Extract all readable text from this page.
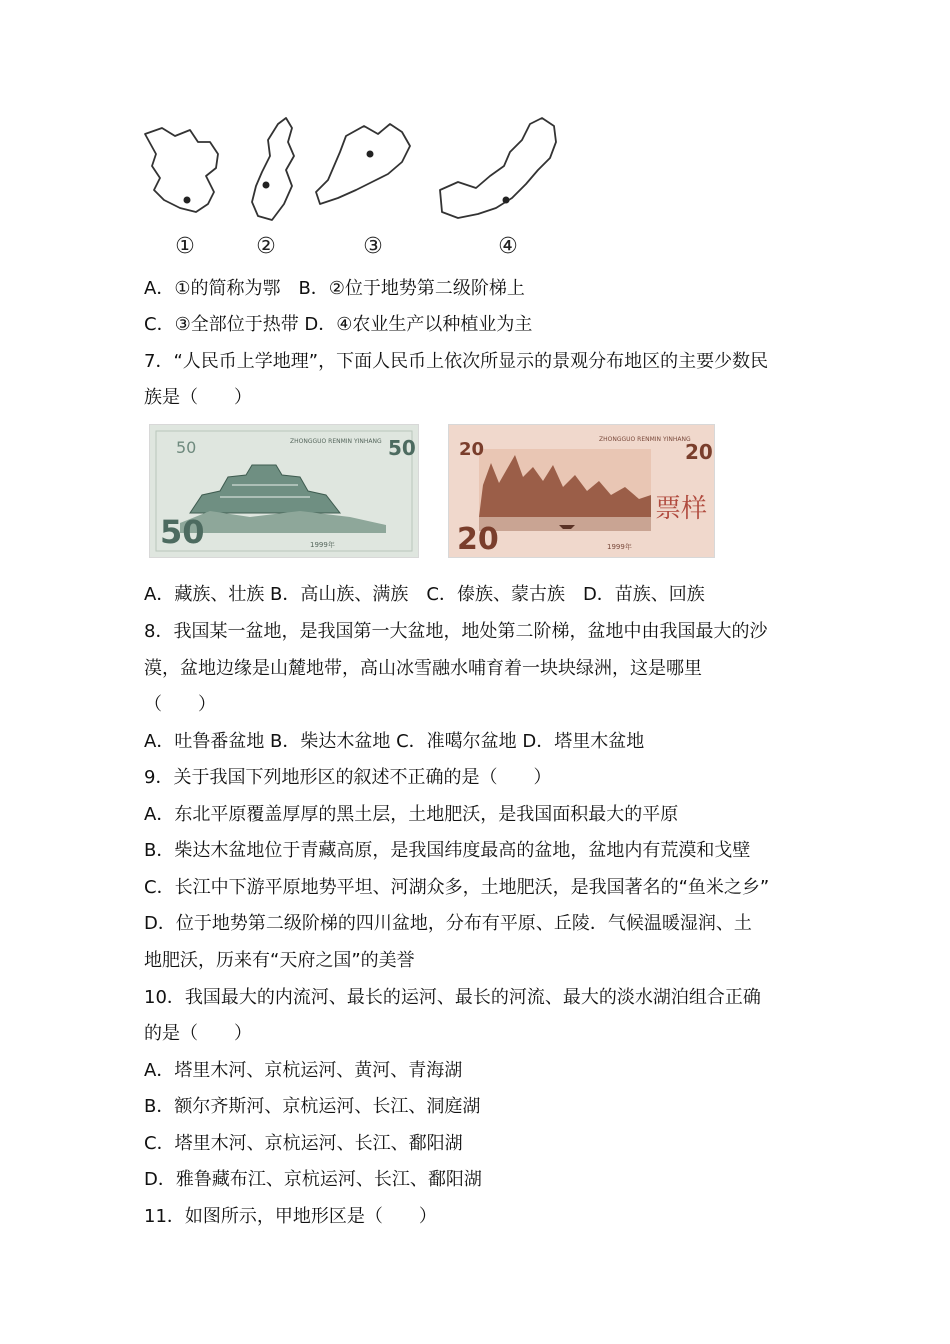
①	②	③	④
A．①的简称为鄂　B．②位于地势第二级阶梯上
C．③全部位于热带 D．④农业生产以种植业为主
7．“人民币上学地理”，下面人民币上依次所显示的景观分布地区的主要少数民
族是（　　）
ZHONGGUO RENMIN YINHANG
50
50
50
1999年
ZHONGGUO RENMIN YINHANG
20
20
20
票样
1999年
A．藏族、壮族 B．高山族、满族　C．傣族、蒙古族　D．苗族、回族
8．我国某一盆地，是我国第一大盆地，地处第二阶梯，盆地中由我国最大的沙
漠，盆地边缘是山麓地带，高山冰雪融水哺育着一块块绿洲，这是哪里
（　　）
A．吐鲁番盆地 B．柴达木盆地 C．准噶尔盆地 D．塔里木盆地
9．关于我国下列地形区的叙述不正确的是（　　）
A．东北平原覆盖厚厚的黑土层，土地肥沃，是我国面积最大的平原
B．柴达木盆地位于青藏高原，是我国纬度最高的盆地，盆地内有荒漠和戈壁
C．长江中下游平原地势平坦、河湖众多，土地肥沃，是我国著名的“鱼米之乡”
D．位于地势第二级阶梯的四川盆地，分布有平原、丘陵．气候温暖湿润、土
地肥沃，历来有“天府之国”的美誉
10．我国最大的内流河、最长的运河、最长的河流、最大的淡水湖泊组合正确
的是（　　）
A．塔里木河、京杭运河、黄河、青海湖
B．额尔齐斯河、京杭运河、长江、洞庭湖
C．塔里木河、京杭运河、长江、鄱阳湖
D．雅鲁藏布江、京杭运河、长江、鄱阳湖
11．如图所示，甲地形区是（　　）
